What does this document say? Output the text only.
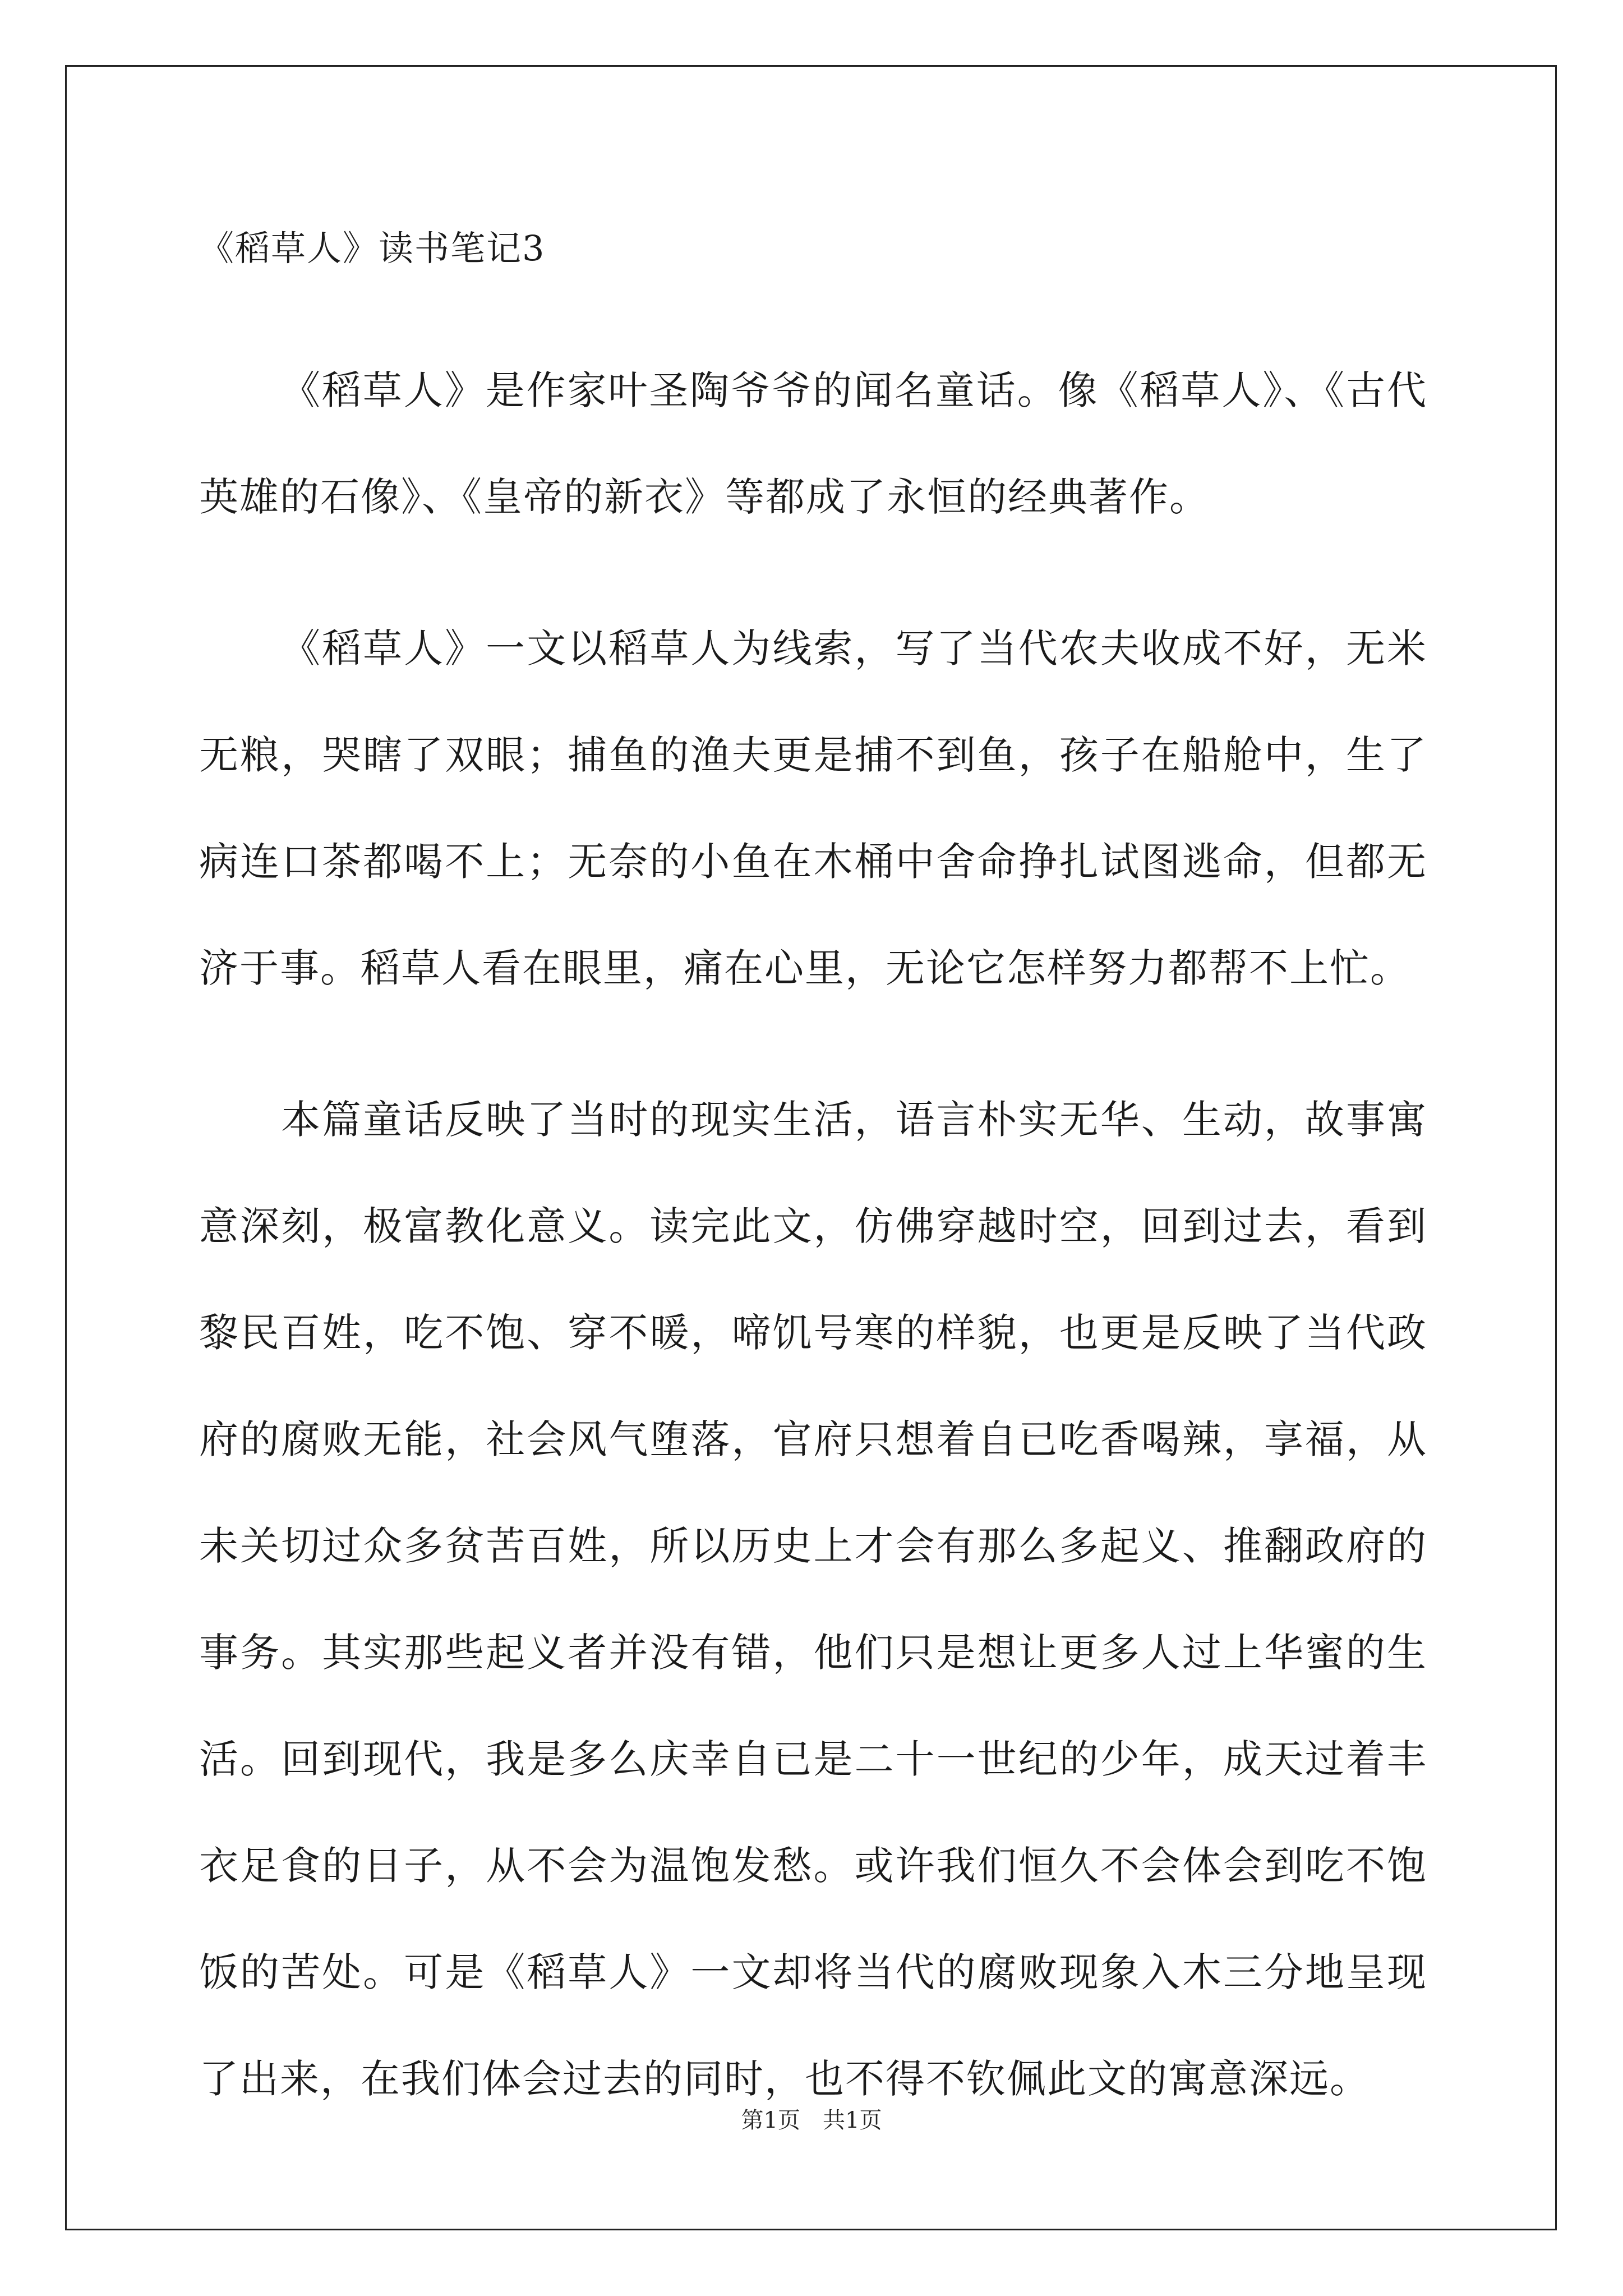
《稻草人》读书笔记3

《稻草人》是作家叶圣陶爷爷的闻名童话。像《稻草人》、《古代英雄的石像》、《皇帝的新衣》等都成了永恒的经典著作。

《稻草人》一文以稻草人为线索，写了当代农夫收成不好，无米无粮，哭瞎了双眼；捕鱼的渔夫更是捕不到鱼，孩子在船舱中，生了病连口茶都喝不上；无奈的小鱼在木桶中舍命挣扎试图逃命，但都无济于事。稻草人看在眼里，痛在心里，无论它怎样努力都帮不上忙。

本篇童话反映了当时的现实生活，语言朴实无华、生动，故事寓意深刻，极富教化意义。读完此文，仿佛穿越时空，回到过去，看到黎民百姓，吃不饱、穿不暖，啼饥号寒的样貌，也更是反映了当代政府的腐败无能，社会风气堕落，官府只想着自已吃香喝辣，享福，从未关切过众多贫苦百姓，所以历史上才会有那么多起义、推翻政府的事务。其实那些起义者并没有错，他们只是想让更多人过上华蜜的生活。回到现代，我是多么庆幸自已是二十一世纪的少年，成天过着丰衣足食的日子，从不会为温饱发愁。或许我们恒久不会体会到吃不饱饭的苦处。可是《稻草人》一文却将当代的腐败现象入木三分地呈现了出来，在我们体会过去的同时，也不得不钦佩此文的寓意深远。

第1页　共1页
